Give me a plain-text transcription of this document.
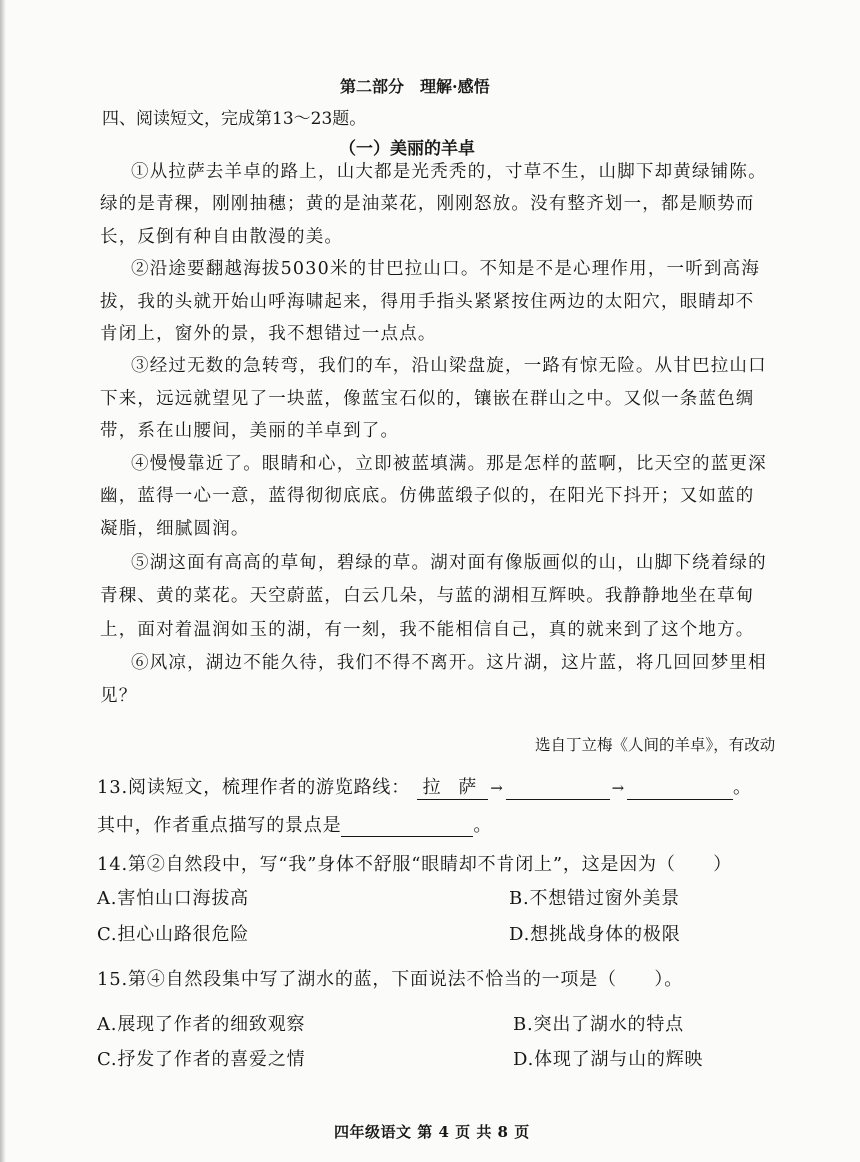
第二部分　理解·感悟
四、阅读短文，完成第13～23题。
（一）美丽的羊卓
①从拉萨去羊卓的路上，山大都是光秃秃的，寸草不生，山脚下却黄绿铺陈。
绿的是青稞，刚刚抽穗；黄的是油菜花，刚刚怒放。没有整齐划一，都是顺势而
长，反倒有种自由散漫的美。
②沿途要翻越海拔5030米的甘巴拉山口。不知是不是心理作用，一听到高海
拔，我的头就开始山呼海啸起来，得用手指头紧紧按住两边的太阳穴，眼睛却不
肯闭上，窗外的景，我不想错过一点点。
③经过无数的急转弯，我们的车，沿山梁盘旋，一路有惊无险。从甘巴拉山口
下来，远远就望见了一块蓝，像蓝宝石似的，镶嵌在群山之中。又似一条蓝色绸
带，系在山腰间，美丽的羊卓到了。
④慢慢靠近了。眼睛和心，立即被蓝填满。那是怎样的蓝啊，比天空的蓝更深
幽，蓝得一心一意，蓝得彻彻底底。仿佛蓝缎子似的，在阳光下抖开；又如蓝的
凝脂，细腻圆润。
⑤湖这面有高高的草甸，碧绿的草。湖对面有像版画似的山，山脚下绕着绿的
青稞、黄的菜花。天空蔚蓝，白云几朵，与蓝的湖相互辉映。我静静地坐在草甸
上，面对着温润如玉的湖，有一刻，我不能相信自己，真的就来到了这个地方。
⑥风凉，湖边不能久待，我们不得不离开。这片湖，这片蓝，将几回回梦里相
见？
选自丁立梅《人间的羊卓》，有改动
13.阅读短文，梳理作者的游览路线： 拉 萨 →	→	。
其中，作者重点描写的景点是	。
14.第②自然段中，写“我”身体不舒服“眼睛却不肯闭上”，这是因为（　　）
A.害怕山口海拔高	B.不想错过窗外美景
C.担心山路很危险	D.想挑战身体的极限
15.第④自然段集中写了湖水的蓝，下面说法不恰当的一项是（　　）。
A.展现了作者的细致观察	B.突出了湖水的特点
C.抒发了作者的喜爱之情	D.体现了湖与山的辉映
四年级语文 第 4 页 共 8 页
